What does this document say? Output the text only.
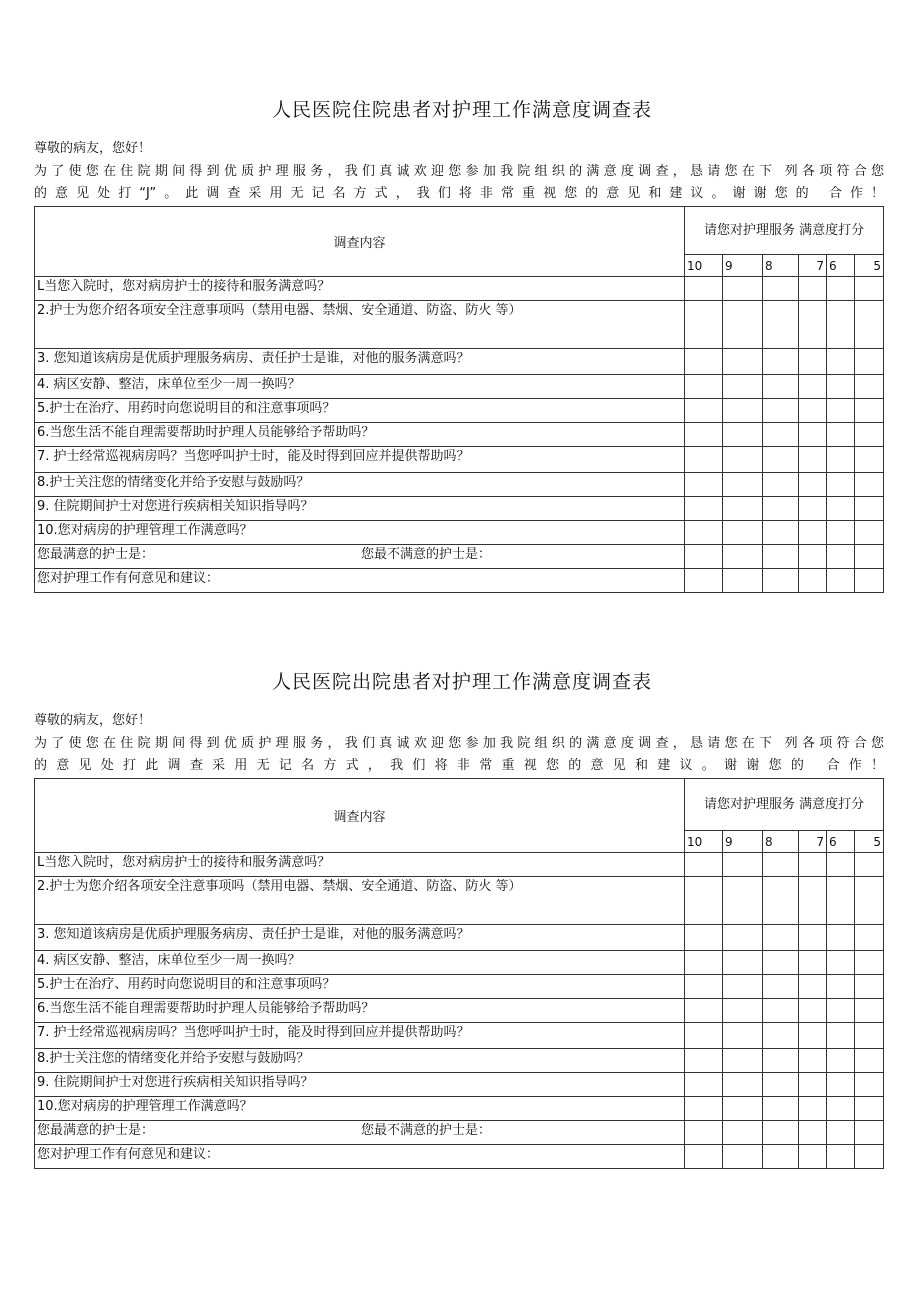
人民医院住院患者对护理工作满意度调查表
尊敬的病友，您好！
为了使您在住院期间得到优质护理服务，我们真诚欢迎您参加我院组织的满意度调查，恳请您在下 列各项符合您
的意见处打“J”。此调查采用无记名方式，我们将非常重视您的意见和建议。谢谢您的 合作！
调查内容	请您对护理服务 满意度打分					
	10	9	8	7	6	5
L当您入院时，您对病房护士的接待和服务满意吗？						
2.护士为您介绍各项安全注意事项吗（禁用电器、禁烟、安全通道、防盗、防火 等）						
3. 您知道该病房是优质护理服务病房、责任护士是谁，对他的服务满意吗？						
4. 病区安静、整洁，床单位至少一周一换吗？						
5.护士在治疗、用药时向您说明目的和注意事项吗？						
6.当您生活不能自理需要帮助时护理人员能够给予帮助吗？						
7. 护士经常巡视病房吗？当您呼叫护士时，能及时得到回应并提供帮助吗？						
8.护士关注您的情绪变化并给予安慰与鼓励吗？						
9. 住院期间护士对您进行疾病相关知识指导吗？						
10.您对病房的护理管理工作满意吗？						
您最满意的护士是： 您最不满意的护士是：						
您对护理工作有何意见和建议：						
人民医院出院患者对护理工作满意度调查表
尊敬的病友，您好！
为了使您在住院期间得到优质护理服务，我们真诚欢迎您参加我院组织的满意度调查，恳请您在下 列各项符合您
的意见处打此调查采用无记名方式，我们将非常重视您的意见和建议。谢谢您的 合作！
调查内容	请您对护理服务 满意度打分					
	10	9	8	7	6	5
L当您入院时，您对病房护士的接待和服务满意吗？						
2.护士为您介绍各项安全注意事项吗（禁用电器、禁烟、安全通道、防盗、防火 等）						
3. 您知道该病房是优质护理服务病房、责任护士是谁，对他的服务满意吗？						
4. 病区安静、整洁，床单位至少一周一换吗？						
5.护士在治疗、用药时向您说明目的和注意事项吗？						
6.当您生活不能自理需要帮助时护理人员能够给予帮助吗？						
7. 护士经常巡视病房吗？当您呼叫护士时，能及时得到回应并提供帮助吗？						
8.护士关注您的情绪变化并给予安慰与鼓励吗？						
9. 住院期间护士对您进行疾病相关知识指导吗？						
10.您对病房的护理管理工作满意吗？						
您最满意的护士是： 您最不满意的护士是：						
您对护理工作有何意见和建议：						
